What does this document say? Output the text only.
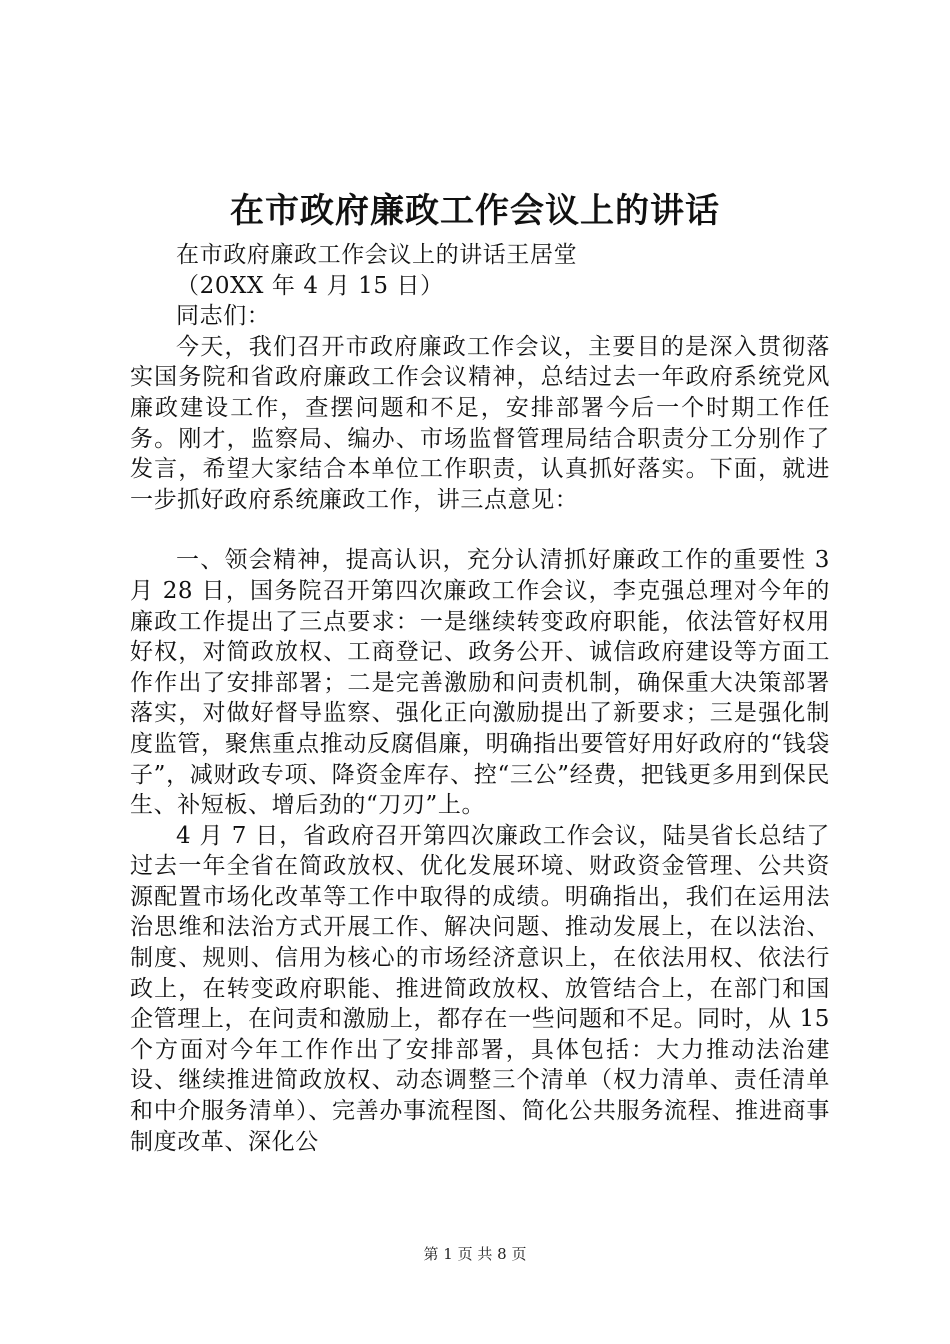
在市政府廉政工作会议上的讲话

在市政府廉政工作会议上的讲话王居堂

（20XX 年 4 月 15 日）

同志们：

今天，我们召开市政府廉政工作会议，主要目的是深入贯彻落实国务院和省政府廉政工作会议精神，总结过去一年政府系统党风廉政建设工作，查摆问题和不足，安排部署今后一个时期工作任务。刚才，监察局、编办、市场监督管理局结合职责分工分别作了发言，希望大家结合本单位工作职责，认真抓好落实。下面，就进一步抓好政府系统廉政工作，讲三点意见：

一、领会精神，提高认识，充分认清抓好廉政工作的重要性 3 月 28 日，国务院召开第四次廉政工作会议，李克强总理对今年的廉政工作提出了三点要求：一是继续转变政府职能，依法管好权用好权，对简政放权、工商登记、政务公开、诚信政府建设等方面工作作出了安排部署；二是完善激励和问责机制，确保重大决策部署落实，对做好督导监察、强化正向激励提出了新要求；三是强化制度监管，聚焦重点推动反腐倡廉，明确指出要管好用好政府的“钱袋子”，减财政专项、降资金库存、控“三公”经费，把钱更多用到保民生、补短板、增后劲的“刀刃”上。

4 月 7 日，省政府召开第四次廉政工作会议，陆昊省长总结了过去一年全省在简政放权、优化发展环境、财政资金管理、公共资源配置市场化改革等工作中取得的成绩。明确指出，我们在运用法治思维和法治方式开展工作、解决问题、推动发展上，在以法治、制度、规则、信用为核心的市场经济意识上，在依法用权、依法行政上，在转变政府职能、推进简政放权、放管结合上，在部门和国企管理上，在问责和激励上，都存在一些问题和不足。同时，从 15 个方面对今年工作作出了安排部署，具体包括：大力推动法治建设、继续推进简政放权、动态调整三个清单（权力清单、责任清单和中介服务清单）、完善办事流程图、简化公共服务流程、推进商事制度改革、深化公

第 1 页 共 8 页
